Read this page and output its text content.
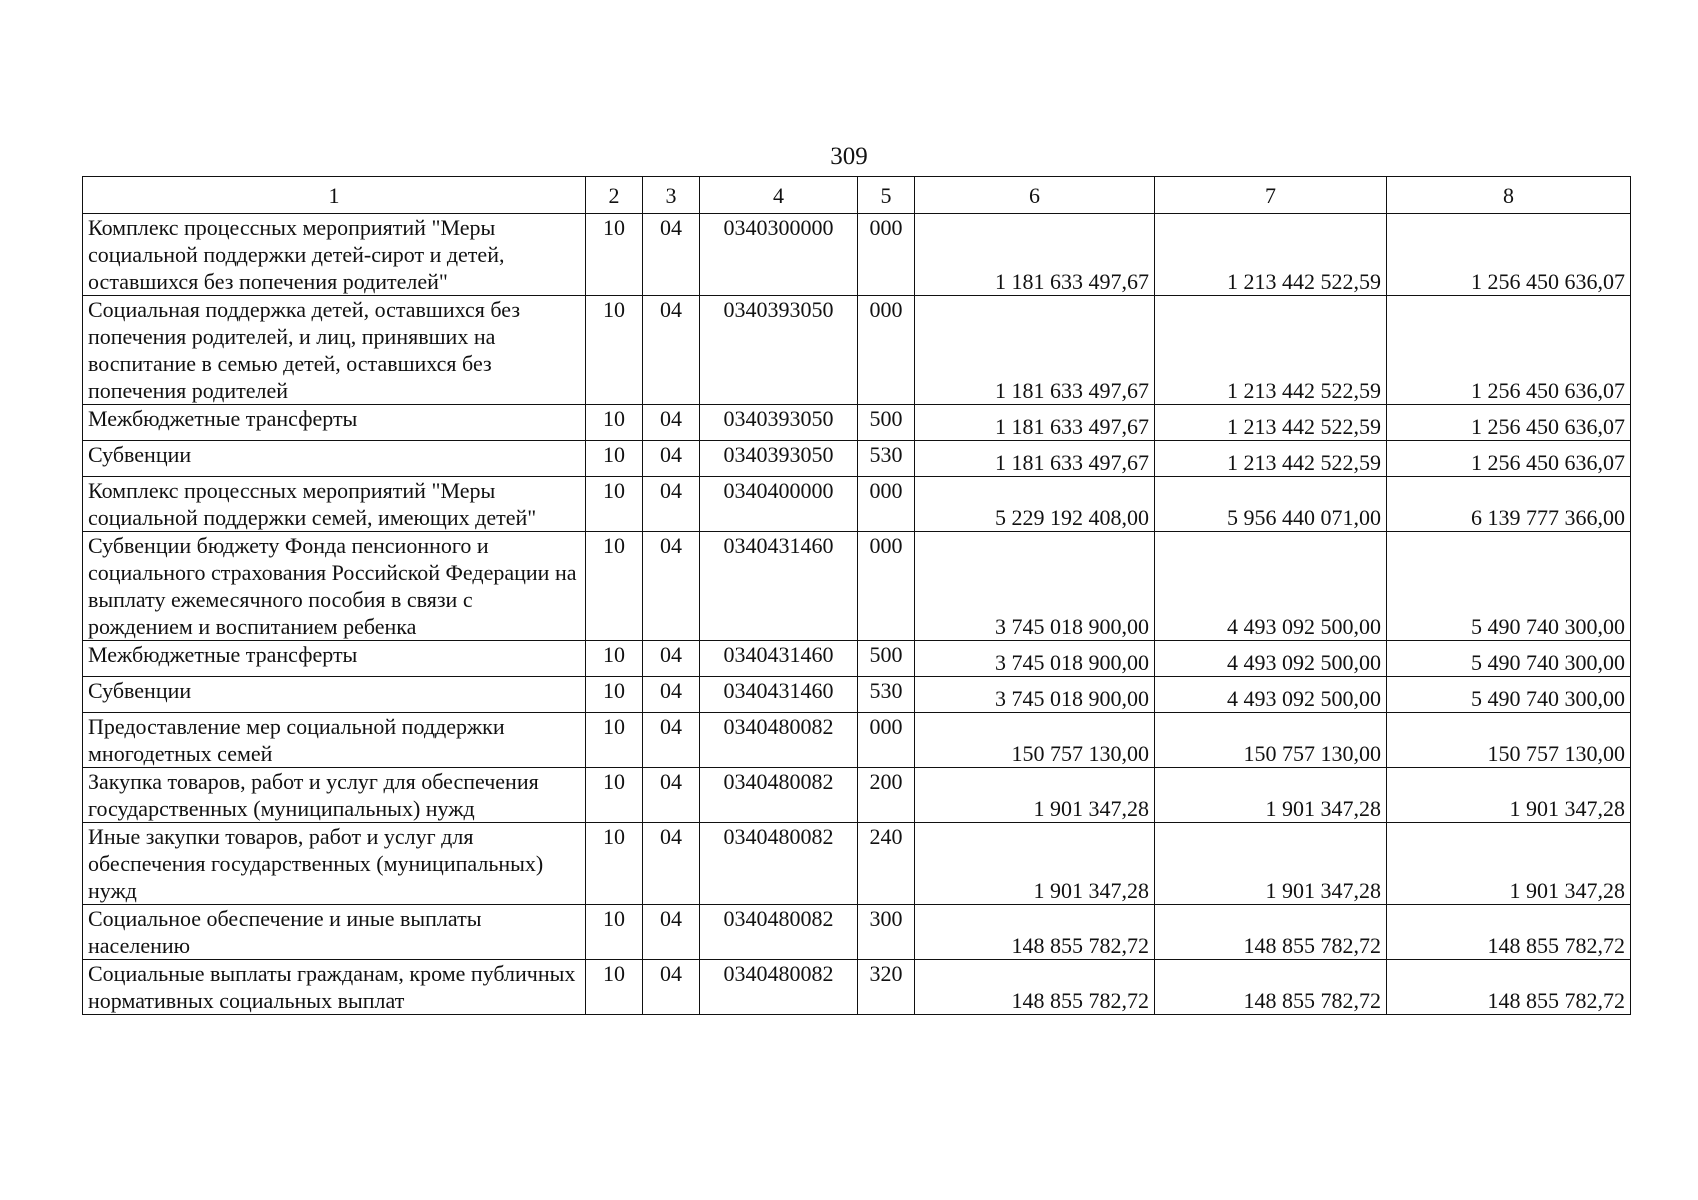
309
1	2	3	4	5	6	7	8
Комплекс процессных мероприятий "Меры социальной поддержки детей-сирот и детей, оставшихся без попечения родителей"	10	04	0340300000	000	1 181 633 497,67	1 213 442 522,59	1 256 450 636,07
Социальная поддержка детей, оставшихся без попечения родителей, и лиц, принявших на воспитание в семью детей, оставшихся без попечения родителей	10	04	0340393050	000	1 181 633 497,67	1 213 442 522,59	1 256 450 636,07
Межбюджетные трансферты	10	04	0340393050	500	1 181 633 497,67	1 213 442 522,59	1 256 450 636,07
Субвенции	10	04	0340393050	530	1 181 633 497,67	1 213 442 522,59	1 256 450 636,07
Комплекс процессных мероприятий "Меры социальной поддержки семей, имеющих детей"	10	04	0340400000	000	5 229 192 408,00	5 956 440 071,00	6 139 777 366,00
Субвенции бюджету Фонда пенсионного и социального страхования Российской Федерации на выплату ежемесячного пособия в связи с рождением и воспитанием ребенка	10	04	0340431460	000	3 745 018 900,00	4 493 092 500,00	5 490 740 300,00
Межбюджетные трансферты	10	04	0340431460	500	3 745 018 900,00	4 493 092 500,00	5 490 740 300,00
Субвенции	10	04	0340431460	530	3 745 018 900,00	4 493 092 500,00	5 490 740 300,00
Предоставление мер социальной поддержки многодетных семей	10	04	0340480082	000	150 757 130,00	150 757 130,00	150 757 130,00
Закупка товаров, работ и услуг для обеспечения государственных (муниципальных) нужд	10	04	0340480082	200	1 901 347,28	1 901 347,28	1 901 347,28
Иные закупки товаров, работ и услуг для обеспечения государственных (муниципальных) нужд	10	04	0340480082	240	1 901 347,28	1 901 347,28	1 901 347,28
Социальное обеспечение и иные выплаты населению	10	04	0340480082	300	148 855 782,72	148 855 782,72	148 855 782,72
Социальные выплаты гражданам, кроме публичных нормативных социальных выплат	10	04	0340480082	320	148 855 782,72	148 855 782,72	148 855 782,72
